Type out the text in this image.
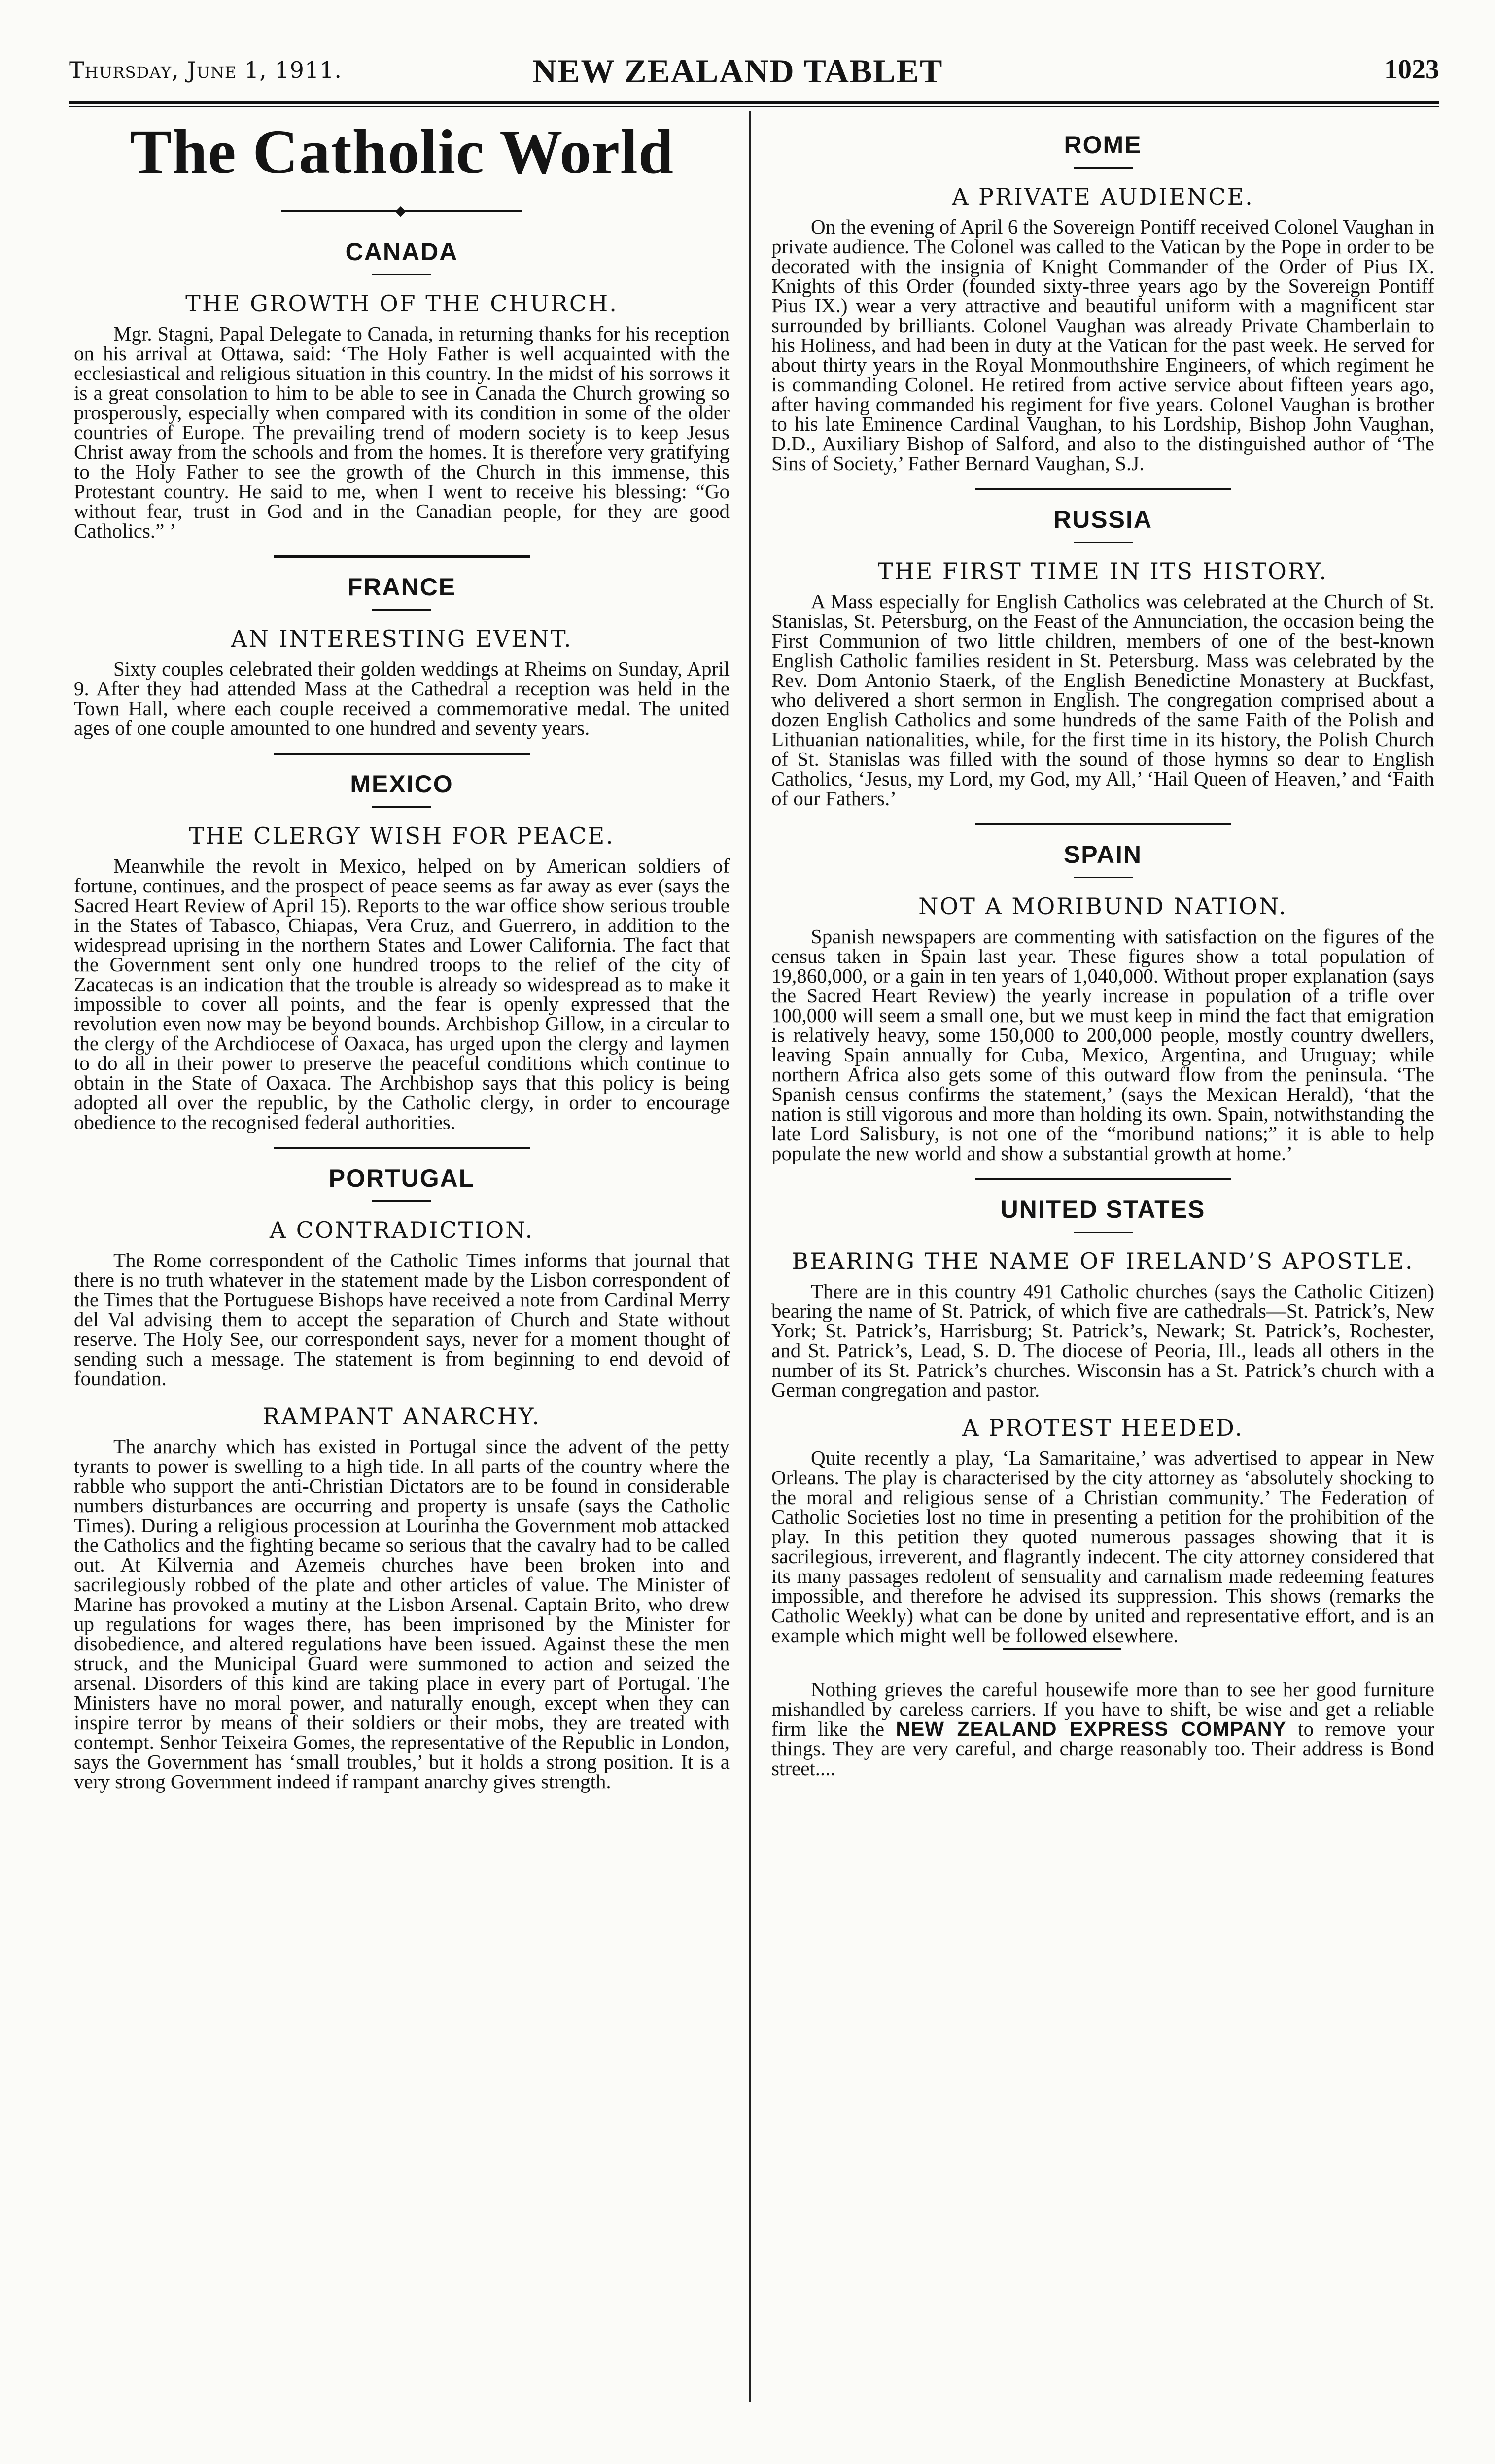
Thursday, June 1, 1911.	NEW ZEALAND TABLET	1023
The Catholic World
◆
CANADA
THE GROWTH OF THE CHURCH.

Mgr. Stagni, Papal Delegate to Canada, in returning thanks for his reception on his arrival at Ottawa, said: ‘The Holy Father is well acquainted with the ecclesiastical and religious situation in this country. In the midst of his sorrows it is a great consolation to him to be able to see in Canada the Church growing so prosperously, especially when compared with its condition in some of the older countries of Europe. The prevailing trend of modern society is to keep Jesus Christ away from the schools and from the homes. It is therefore very gratifying to the Holy Father to see the growth of the Church in this immense, this Protestant country. He said to me, when I went to receive his blessing: “Go without fear, trust in God and in the Canadian people, for they are good Catholics.” ’

FRANCE
AN INTERESTING EVENT.

Sixty couples celebrated their golden weddings at Rheims on Sunday, April 9. After they had attended Mass at the Cathedral a reception was held in the Town Hall, where each couple received a commemorative medal. The united ages of one couple amounted to one hundred and seventy years.

MEXICO
THE CLERGY WISH FOR PEACE.

Meanwhile the revolt in Mexico, helped on by American soldiers of fortune, continues, and the prospect of peace seems as far away as ever (says the Sacred Heart Review of April 15). Reports to the war office show serious trouble in the States of Tabasco, Chiapas, Vera Cruz, and Guerrero, in addition to the widespread uprising in the northern States and Lower California. The fact that the Government sent only one hundred troops to the relief of the city of Zacatecas is an indication that the trouble is already so widespread as to make it impossible to cover all points, and the fear is openly expressed that the revolution even now may be beyond bounds. Archbishop Gillow, in a circular to the clergy of the Archdiocese of Oaxaca, has urged upon the clergy and laymen to do all in their power to preserve the peaceful conditions which continue to obtain in the State of Oaxaca. The Archbishop says that this policy is being adopted all over the republic, by the Catholic clergy, in order to encourage obedience to the recognised federal authorities.

PORTUGAL
A CONTRADICTION.

The Rome correspondent of the Catholic Times informs that journal that there is no truth whatever in the statement made by the Lisbon correspondent of the Times that the Portuguese Bishops have received a note from Cardinal Merry del Val advising them to accept the separation of Church and State without reserve. The Holy See, our correspondent says, never for a moment thought of sending such a message. The statement is from beginning to end devoid of foundation.

RAMPANT ANARCHY.

The anarchy which has existed in Portugal since the advent of the petty tyrants to power is swelling to a high tide. In all parts of the country where the rabble who support the anti-Christian Dictators are to be found in considerable numbers disturbances are occurring and property is unsafe (says the Catholic Times). During a religious procession at Lourinha the Government mob attacked the Catholics and the fighting became so serious that the cavalry had to be called out. At Kilvernia and Azemeis churches have been broken into and sacrilegiously robbed of the plate and other articles of value. The Minister of Marine has provoked a mutiny at the Lisbon Arsenal. Captain Brito, who drew up regulations for wages there, has been imprisoned by the Minister for disobedience, and altered regulations have been issued. Against these the men struck, and the Municipal Guard were summoned to action and seized the arsenal. Disorders of this kind are taking place in every part of Portugal. The Ministers have no moral power, and naturally enough, except when they can inspire terror by means of their soldiers or their mobs, they are treated with contempt. Senhor Teixeira Gomes, the representative of the Republic in London, says the Government has ‘small troubles,’ but it holds a strong position. It is a very strong Government indeed if rampant anarchy gives strength.

ROME
A PRIVATE AUDIENCE.

On the evening of April 6 the Sovereign Pontiff received Colonel Vaughan in private audience. The Colonel was called to the Vatican by the Pope in order to be decorated with the insignia of Knight Commander of the Order of Pius IX. Knights of this Order (founded sixty-three years ago by the Sovereign Pontiff Pius IX.) wear a very attractive and beautiful uniform with a magnificent star surrounded by brilliants. Colonel Vaughan was already Private Chamberlain to his Holiness, and had been in duty at the Vatican for the past week. He served for about thirty years in the Royal Monmouthshire Engineers, of which regiment he is commanding Colonel. He retired from active service about fifteen years ago, after having commanded his regiment for five years. Colonel Vaughan is brother to his late Eminence Cardinal Vaughan, to his Lordship, Bishop John Vaughan, D.D., Auxiliary Bishop of Salford, and also to the distinguished author of ‘The Sins of Society,’ Father Bernard Vaughan, S.J.

RUSSIA
THE FIRST TIME IN ITS HISTORY.

A Mass especially for English Catholics was celebrated at the Church of St. Stanislas, St. Petersburg, on the Feast of the Annunciation, the occasion being the First Communion of two little children, members of one of the best-known English Catholic families resident in St. Petersburg. Mass was celebrated by the Rev. Dom Antonio Staerk, of the English Benedictine Monastery at Buckfast, who delivered a short sermon in English. The congregation comprised about a dozen English Catholics and some hundreds of the same Faith of the Polish and Lithuanian nationalities, while, for the first time in its history, the Polish Church of St. Stanislas was filled with the sound of those hymns so dear to English Catholics, ‘Jesus, my Lord, my God, my All,’ ‘Hail Queen of Heaven,’ and ‘Faith of our Fathers.’

SPAIN
NOT A MORIBUND NATION.

Spanish newspapers are commenting with satisfaction on the figures of the census taken in Spain last year. These figures show a total population of 19,860,000, or a gain in ten years of 1,040,000. Without proper explanation (says the Sacred Heart Review) the yearly increase in population of a trifle over 100,000 will seem a small one, but we must keep in mind the fact that emigration is relatively heavy, some 150,000 to 200,000 people, mostly country dwellers, leaving Spain annually for Cuba, Mexico, Argentina, and Uruguay; while northern Africa also gets some of this outward flow from the peninsula. ‘The Spanish census confirms the statement,’ (says the Mexican Herald), ‘that the nation is still vigorous and more than holding its own. Spain, notwithstanding the late Lord Salisbury, is not one of the “moribund nations;” it is able to help populate the new world and show a substantial growth at home.’

UNITED STATES
BEARING THE NAME OF IRELAND’S APOSTLE.

There are in this country 491 Catholic churches (says the Catholic Citizen) bearing the name of St. Patrick, of which five are cathedrals—St. Patrick’s, New York; St. Patrick’s, Harrisburg; St. Patrick’s, Newark; St. Patrick’s, Rochester, and St. Patrick’s, Lead, S. D. The diocese of Peoria, Ill., leads all others in the number of its St. Patrick’s churches. Wisconsin has a St. Patrick’s church with a German congregation and pastor.

A PROTEST HEEDED.

Quite recently a play, ‘La Samaritaine,’ was advertised to appear in New Orleans. The play is characterised by the city attorney as ‘absolutely shocking to the moral and religious sense of a Christian community.’ The Federation of Catholic Societies lost no time in presenting a petition for the prohibition of the play. In this petition they quoted numerous passages showing that it is sacrilegious, irreverent, and flagrantly indecent. The city attorney considered that its many passages redolent of sensuality and carnalism made redeeming features impossible, and therefore he advised its suppression. This shows (remarks the Catholic Weekly) what can be done by united and representative effort, and is an example which might well be followed elsewhere.

Nothing grieves the careful housewife more than to see her good furniture mishandled by careless carriers. If you have to shift, be wise and get a reliable firm like the NEW ZEALAND EXPRESS COMPANY to remove your things. They are very careful, and charge reasonably too. Their address is Bond street....
